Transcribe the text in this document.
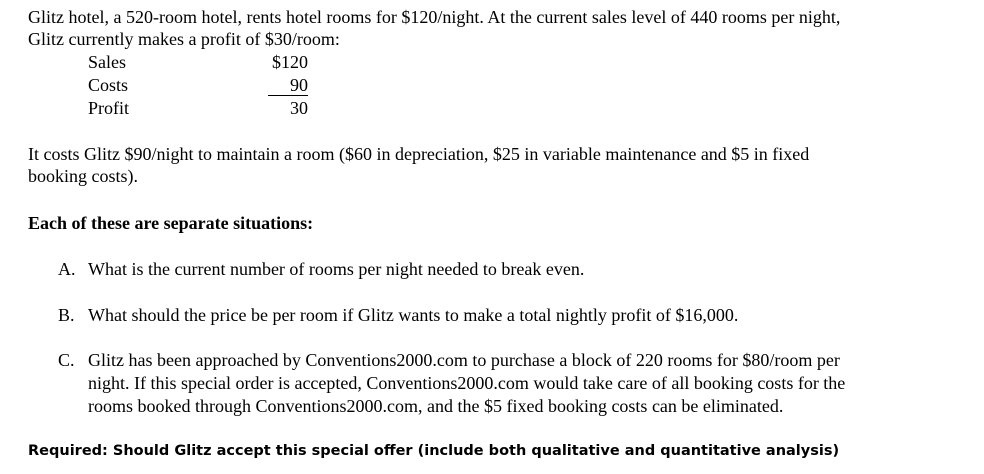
Glitz hotel, a 520-room hotel, rents hotel rooms for $120/night. At the current sales level of 440 rooms per night,
Glitz currently makes a profit of $30/room:
Sales	$120
Costs	90
Profit	30
It costs Glitz $90/night to maintain a room ($60 in depreciation, $25 in variable maintenance and $5 in fixed
booking costs).
Each of these are separate situations:
A. What is the current number of rooms per night needed to break even.
B. What should the price be per room if Glitz wants to make a total nightly profit of $16,000.
C. Glitz has been approached by Conventions2000.com to purchase a block of 220 rooms for $80/room per
night. If this special order is accepted, Conventions2000.com would take care of all booking costs for the
rooms booked through Conventions2000.com, and the $5 fixed booking costs can be eliminated.
Required: Should Glitz accept this special offer (include both qualitative and quantitative analysis)
